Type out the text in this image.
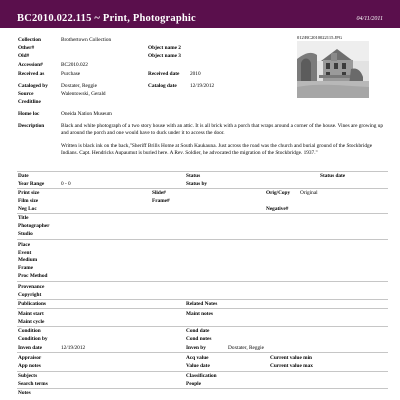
BC2010.022.115 ~ Print, Photographic	04/11/2011
012\BC2010022115.JPG
Collection	Brothertown Collection
Other#	Object name 2
Old#	Object name 3
Accession#	BC2010.022
Received as	Purchase	Received date 2010
Cataloged by Doxtater, Reggie	Catalog date	12/19/2012
Source	Walentowski, Gerald
Creditline
Home loc	Oneida Nation Museum
Description	Black and white photograph of a two story house with an attic. It is all brick with a porch that wraps around a corner of the house. Vines are growing up and around the porch and one would have to duck under it to access the door.
Written is black ink on the back,"Sheriff Brills Home at South Kaukauna. Just across the road was the church and burial ground of the Stockbridge Indians. Capt. Hendricks Aupaumut is buried here. A Rev. Soldier, he advocated the migration of the Stockbridge. 1937."
Date	Status	Status date
Year Range	0 - 0	Status by
Print size	Slide#	Orig/Copy Original
Film size	Frame#
Neg Loc	Negative#
Title
Photographer
Studio
Place
Event
Medium
Frame
Proc Method
Provenance
Copyright
Publications	Related Notes
Maint start	Maint notes
Maint cycle
Condition	Cond date
Condition by	Cond notes
Inven date	12/19/2012	Inven by	Doxtater, Reggie
Appraisor	Acq value	Current value min
App notes	Value date	Current value max
Subjects	Classification
Search terms	People
Notes
